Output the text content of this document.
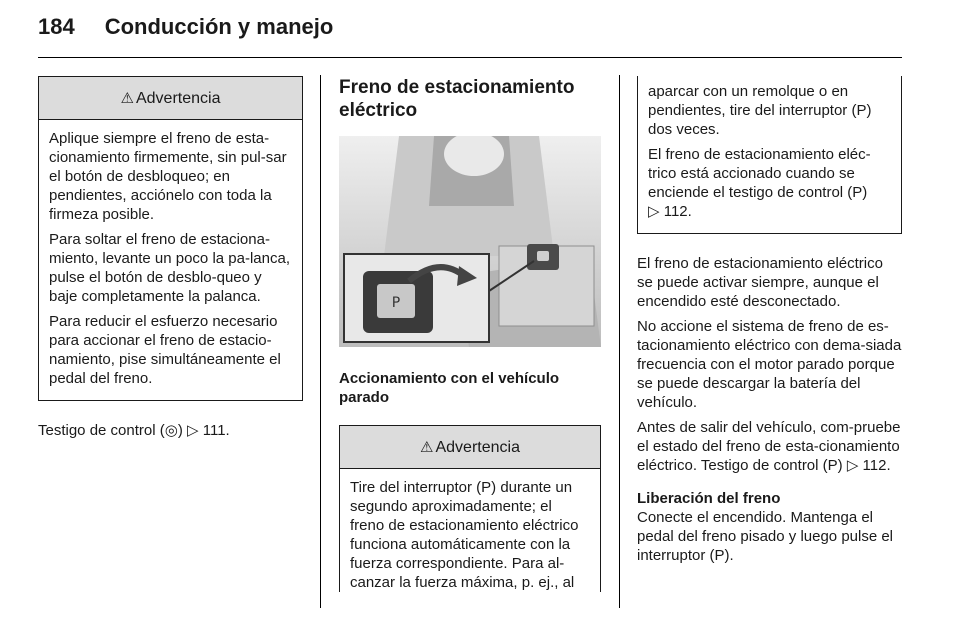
184 Conducción y manejo
⚠ Advertencia

Aplique siempre el freno de esta-cionamiento firmemente, sin pul-sar el botón de desbloqueo; en pendientes, acciónelo con toda la firmeza posible.

Para soltar el freno de estaciona-miento, levante un poco la pa-lanca, pulse el botón de desblo-queo y baje completamente la palanca.

Para reducir el esfuerzo necesario para accionar el freno de estacio-namiento, pise simultáneamente el pedal del freno.

Testigo de control (◎) ▷ 111.

Freno de estacionamiento eléctrico
P
Accionamiento con el vehículo parado
⚠ Advertencia

Tire del interruptor (P) durante un segundo aproximadamente; el freno de estacionamiento eléctrico funciona automáticamente con la fuerza correspondiente. Para al-canzar la fuerza máxima, p. ej., al

aparcar con un remolque o en pendientes, tire del interruptor (P) dos veces.

El freno de estacionamiento eléc-trico está accionado cuando se enciende el testigo de control (P)
▷ 112.

El freno de estacionamiento eléctrico se puede activar siempre, aunque el encendido esté desconectado.

No accione el sistema de freno de es-tacionamiento eléctrico con dema-siada frecuencia con el motor parado porque se puede descargar la batería del vehículo.

Antes de salir del vehículo, com-pruebe el estado del freno de esta-cionamiento eléctrico. Testigo de control (P) ▷ 112.

Liberación del freno

Conecte el encendido. Mantenga el pedal del freno pisado y luego pulse el interruptor (P).
